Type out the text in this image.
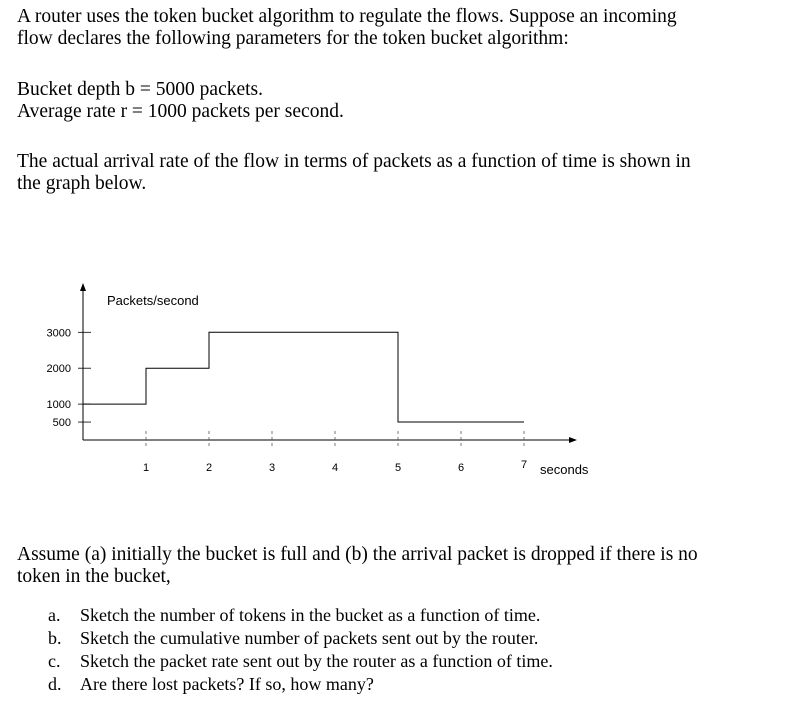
A router uses the token bucket algorithm to regulate the flows. Suppose an incoming

flow declares the following parameters for the token bucket algorithm:

Bucket depth b = 5000 packets.

Average rate r = 1000 packets per second.

The actual arrival rate of the flow in terms of packets as a function of time is shown in

the graph below.

Packets/second
seconds
1	2	3	4	5	6	7
500
1000
2000
3000

Assume (a) initially the bucket is full and (b) the arrival packet is dropped if there is no

token in the bucket,

a. Sketch the number of tokens in the bucket as a function of time.
b. Sketch the cumulative number of packets sent out by the router.
c. Sketch the packet rate sent out by the router as a function of time.
d. Are there lost packets? If so, how many?
